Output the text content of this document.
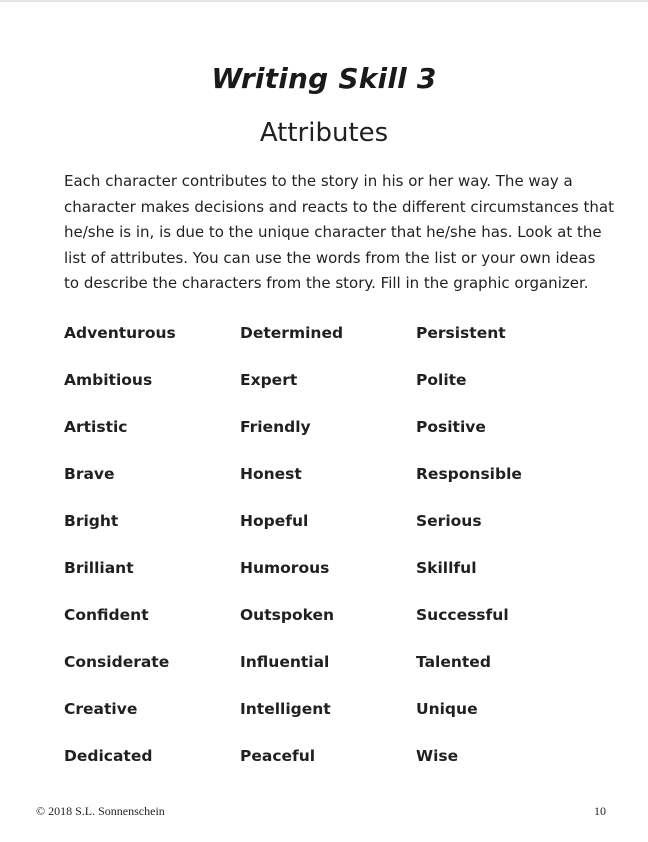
Writing Skill 3
Attributes
Each character contributes to the story in his or her way. The way a
character makes decisions and reacts to the different circumstances that
he/she is in, is due to the unique character that he/she has. Look at the
list of attributes. You can use the words from the list or your own ideas
to describe the characters from the story. Fill in the graphic organizer.
Adventurous	Determined	Persistent
Ambitious	Expert	Polite
Artistic	Friendly	Positive
Brave	Honest	Responsible
Bright	Hopeful	Serious
Brilliant	Humorous	Skillful
Confident	Outspoken	Successful
Considerate	Influential	Talented
Creative	Intelligent	Unique
Dedicated	Peaceful	Wise
© 2018 S.L. Sonnenschein	10
